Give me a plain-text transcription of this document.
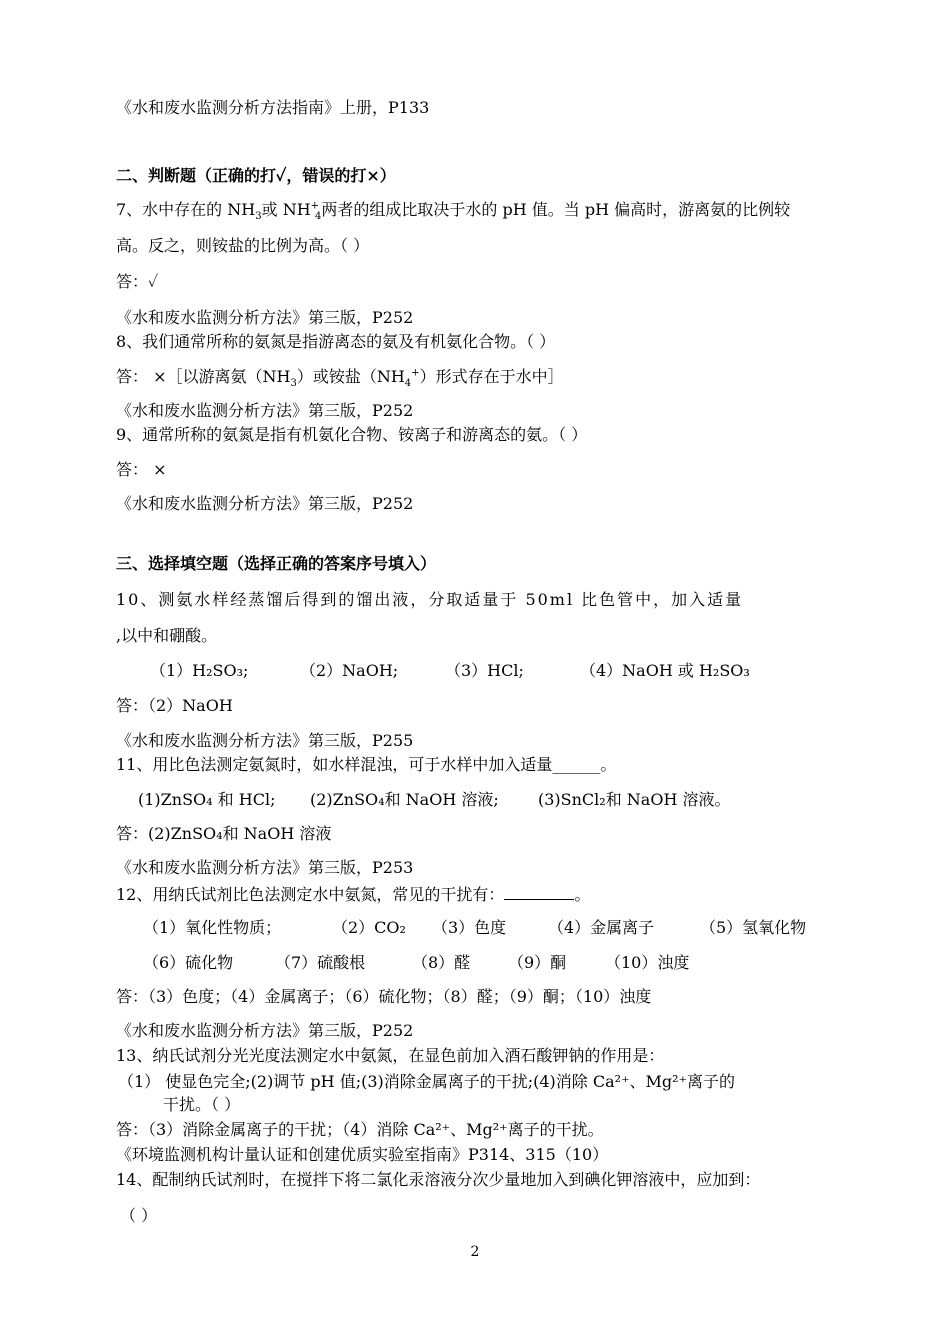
《水和废水监测分析方法指南》上册，P133
二、判断题（正确的打✓，错误的打×）
7、水中存在的 $NH_3$或 $NH^+_4$两者的组成比取决于水的 pH 值。当 pH 偏高时，游离氨的比例较
高。反之，则铵盐的比例为高。（ ）
答：✓
《水和废水监测分析方法》第三版，P252
8、我们通常所称的氨氮是指游离态的氨及有机氨化合物。（ ）
答： ×［以游离氨$(NH_3)$或铵盐$(NH_4^+)$形式存在于水中］
《水和废水监测分析方法》第三版，P252
9、通常所称的氨氮是指有机氨化合物、铵离子和游离态的氨。（ ）
答： ×
《水和废水监测分析方法》第三版，P252
三、选择填空题（选择正确的答案序号填入）
10、测氨水样经蒸馏后得到的馏出液，分取适量于 50ml 比色管中，加入适量
,以中和硼酸。
（1）H₂SO₃;	（2）NaOH;	（3）HCl;	（4）NaOH 或 H₂SO₃
答：（2）NaOH
《水和废水监测分析方法》第三版，P255
11、用比色法测定氨氮时，如水样混浊，可于水样中加入适量______。
(1)ZnSO₄ 和 HCl; (2)ZnSO₄和 NaOH 溶液; (3)SnCl₂和 NaOH 溶液。
答：(2)ZnSO₄和 NaOH 溶液
《水和废水监测分析方法》第三版，P253
12、用纳氏试剂比色法测定水中氨氮，常见的干扰有：	。
（1）氧化性物质；	（2）CO₂ （3）色度	（4）金属离子	（5）氢氧化物
（6）硫化物	（7）硫酸根	（8）醛 （9）酮 （10）浊度
答：（3）色度；（4）金属离子；（6）硫化物；（8）醛；（9）酮；（10）浊度
《水和废水监测分析方法》第三版，P252
13、纳氏试剂分光光度法测定水中氨氮，在显色前加入酒石酸钾钠的作用是：
（1） 使显色完全;(2)调节 pH 值;(3)消除金属离子的干扰;(4)消除 Ca²⁺、Mg²⁺离子的
干扰。（ ）
答：（3）消除金属离子的干扰；（4）消除 Ca²⁺、Mg²⁺离子的干扰。
《环境监测机构计量认证和创建优质实验室指南》P314、315（10）
14、配制纳氏试剂时，在搅拌下将二氯化汞溶液分次少量地加入到碘化钾溶液中，应加到：
（ ）
2
